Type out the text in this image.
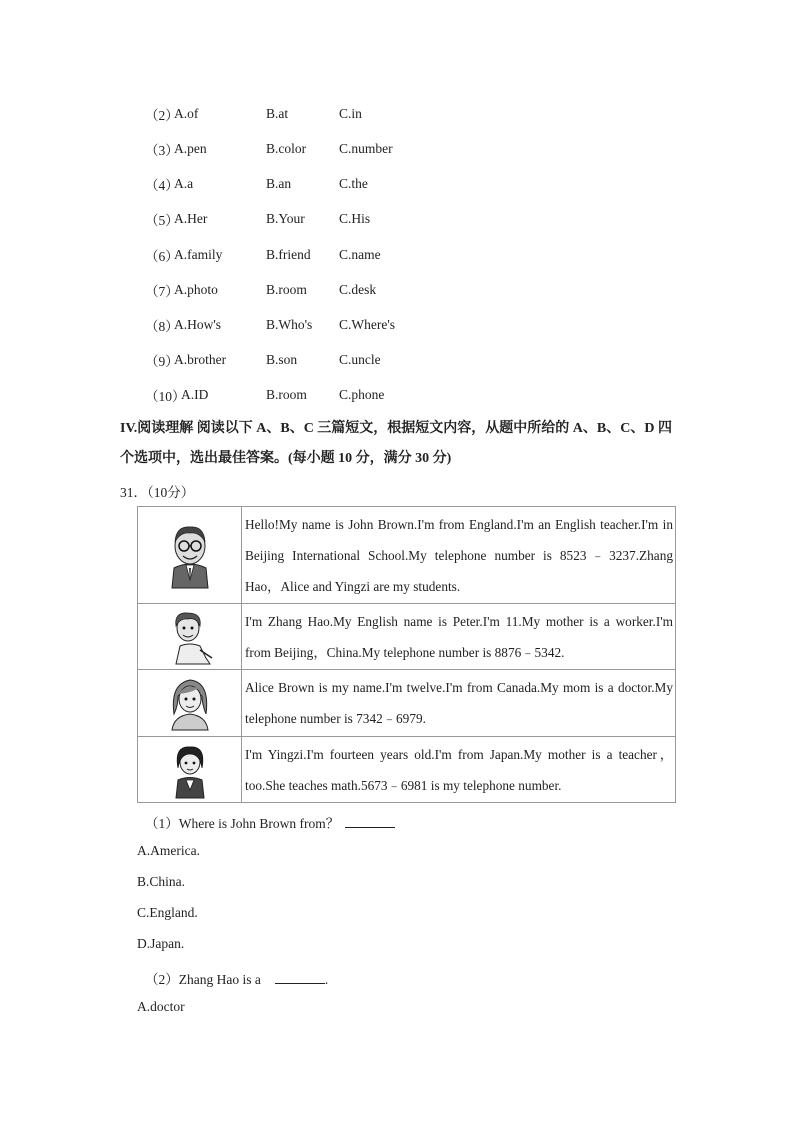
（2）
A.of	B.at	C.in
（3）
A.pen	B.color C.number
（4）
A.a	B.an	C.the
（5）
A.Her	B.Your	C.His
（6）
A.family	B.friend C.name
（7）
A.photo	B.room C.desk
（8）
A.How's	B.Who's C.Where's
（9）
A.brother	B.son	C.uncle
（10）
A.ID	B.room C.phone
IV.阅读理解 阅读以下 A、B、C 三篇短文，根据短文内容，从题中所给的 A、B、C、D 四个选项中，选出最佳答案。(每小题 10 分，满分 30 分)
31．（10分）
	Hello!My name is John Brown.I'm from England.I'm an English teacher.I'm in Beijing International School.My telephone number is 8523﹣3237.Zhang Hao，Alice and Yingzi are my students.

	I'm Zhang Hao.My English name is Peter.I'm 11.My mother is a worker.I'm from Beijing，China.My telephone number is 8876﹣5342.

	Alice Brown is my name.I'm twelve.I'm from Canada.My mom is a doctor.My telephone number is 7342﹣6979.

	I'm Yingzi.I'm fourteen years old.I'm from Japan.My mother is a teacher，too.She teaches math.5673﹣6981 is my telephone number.
（1）Where is John Brown from？
A.America.
B.China.
C.England.
D.Japan.
（2）Zhang Hao is a	.
A.doctor
